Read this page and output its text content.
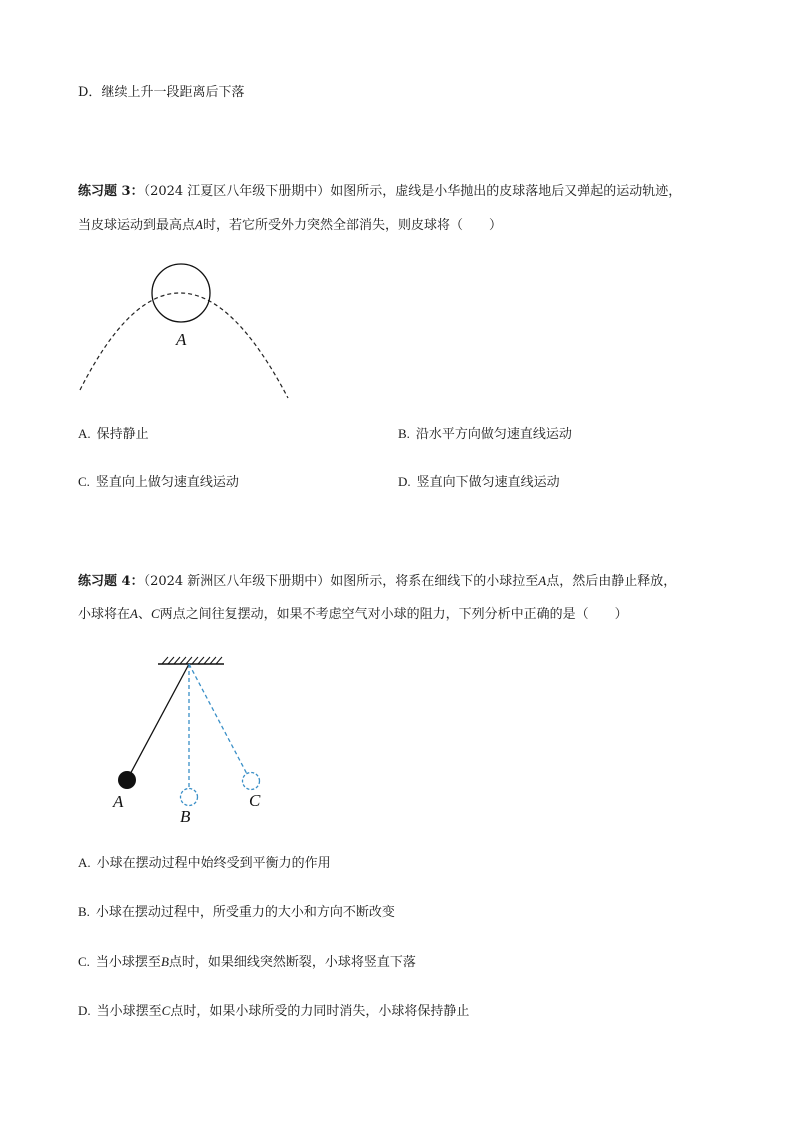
D．继续上升一段距离后下落
练习题 3：（2024 江夏区八年级下册期中）如图所示，虚线是小华抛出的皮球落地后又弹起的运动轨迹，
当皮球运动到最高点A时，若它所受外力突然全部消失，则皮球将（　　）
A
A. 保持静止	B. 沿水平方向做匀速直线运动
C. 竖直向上做匀速直线运动	D. 竖直向下做匀速直线运动
练习题 4：（2024 新洲区八年级下册期中）如图所示，将系在细线下的小球拉至A点，然后由静止释放，
小球将在A、C两点之间往复摆动，如果不考虑空气对小球的阻力，下列分析中正确的是（　　）
A
B
C
A. 小球在摆动过程中始终受到平衡力的作用
B. 小球在摆动过程中，所受重力的大小和方向不断改变
C. 当小球摆至B点时，如果细线突然断裂，小球将竖直下落
D. 当小球摆至C点时，如果小球所受的力同时消失，小球将保持静止
